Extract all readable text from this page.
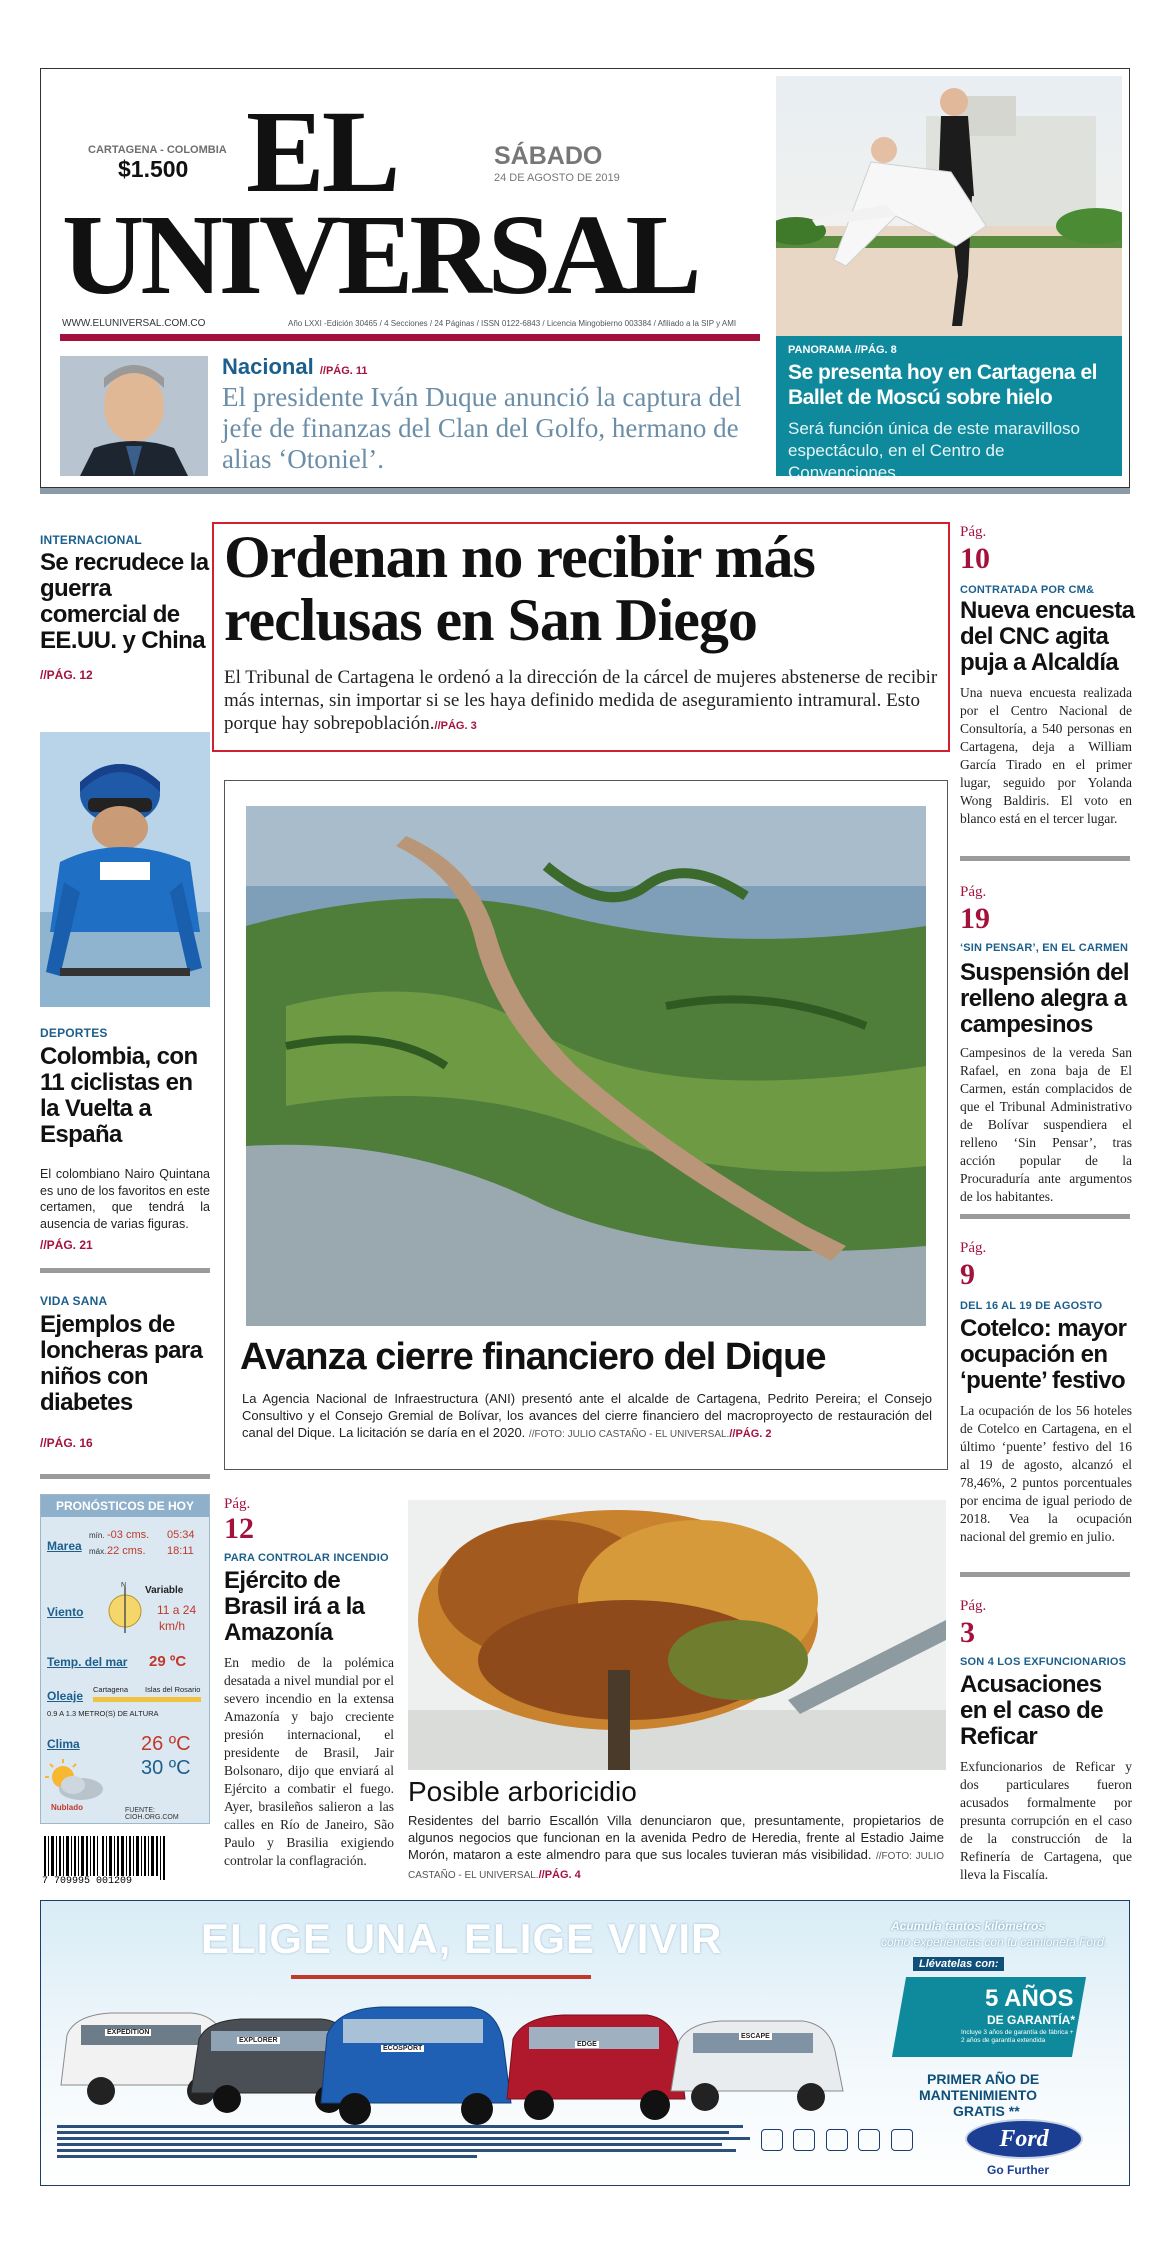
CARTAGENA - COLOMBIA
$1.500 EL
UNIVERSAL
SÁBADO
24 DE AGOSTO DE 2019
WWW.ELUNIVERSAL.COM.CO	Año LXXI -Edición 30465 / 4 Secciones / 24 Páginas / ISSN 0122-6843 / Licencia Mingobierno 003384 / Afiliado a la SIP y AMI
PANORAMA //PÁG. 8
Se presenta hoy en Cartagena el Ballet de Moscú sobre hielo
Será función única de este maravilloso espectáculo, en el Centro de Convenciones.
Nacional //PÁG. 11
El presidente Iván Duque anunció la captura del jefe de finanzas del Clan del Golfo, hermano de alias ‘Otoniel’.
INTERNACIONAL
Se recrudece la guerra comercial de EE.UU. y China
//PÁG. 12
DEPORTES
Colombia, con 11 ciclistas en la Vuelta a España
El colombiano Nairo Quintana es uno de los favoritos en este certamen, que tendrá la ausencia de varias figuras.
//PÁG. 21
VIDA SANA
Ejemplos de loncheras para niños con diabetes
//PÁG. 16
PRONÓSTICOS DE HOY
Marea
mín. -03 cms. 05:34
máx. 22 cms. 18:11
Viento
N Variable
11 a 24
km/h
Temp. del mar 29 ºC
Oleaje Cartagena Islas del Rosario
0.9 A 1.3 METRO(S) DE ALTURA
Clima	26 ºC
30 ºC
Nublado	FUENTE: CIOH.ORG.COM
7 709995 001209
Ordenan no recibir más reclusas en San Diego
El Tribunal de Cartagena le ordenó a la dirección de la cárcel de mujeres abstenerse de recibir más internas, sin importar si se les haya definido medida de aseguramiento intramural. Esto porque hay sobrepoblación.//PÁG. 3
Avanza cierre financiero del Dique
La Agencia Nacional de Infraestructura (ANI) presentó ante el alcalde de Cartagena, Pedrito Pereira; el Consejo Consultivo y el Consejo Gremial de Bolívar, los avances del cierre financiero del macroproyecto de restauración del canal del Dique. La licitación se daría en el 2020. //FOTO: JULIO CASTAÑO - EL UNIVERSAL.//PÁG. 2
Pág.
12
PARA CONTROLAR INCENDIO
Ejército de Brasil irá a la Amazonía
En medio de la polémica desatada a nivel mundial por el severo incendio en la extensa Amazonía y bajo creciente presión internacional, el presidente de Brasil, Jair Bolsonaro, dijo que enviará al Ejército a combatir el fuego. Ayer, brasileños salieron a las calles en Río de Janeiro, São Paulo y Brasilia exigiendo controlar la conflagración.
Posible arboricidio
Residentes del barrio Escallón Villa denunciaron que, presuntamente, propietarios de algunos negocios que funcionan en la avenida Pedro de Heredia, frente al Estadio Jaime Morón, mataron a este almendro para que sus locales tuvieran más visibilidad. //FOTO: JULIO CASTAÑO - EL UNIVERSAL.//PÁG. 4
Pág.
10
CONTRATADA POR CM&
Nueva encuesta del CNC agita puja a Alcaldía
Una nueva encuesta realizada por el Centro Nacional de Consultoría, a 540 personas en Cartagena, deja a William García Tirado en el primer lugar, seguido por Yolanda Wong Baldiris. El voto en blanco está en el tercer lugar.
Pág.
19
‘SIN PENSAR’, EN EL CARMEN
Suspensión del relleno alegra a campesinos
Campesinos de la vereda San Rafael, en zona baja de El Carmen, están complacidos de que el Tribunal Administrativo de Bolívar suspendiera el relleno ‘Sin Pensar’, tras acción popular de la Procuraduría ante argumentos de los habitantes.
Pág.
9
DEL 16 AL 19 DE AGOSTO
Cotelco: mayor ocupación en ‘puente’ festivo
La ocupación de los 56 hoteles de Cotelco en Cartagena, en el último ‘puente’ festivo del 16 al 19 de agosto, alcanzó el 78,46%, 2 puntos porcentuales por encima de igual periodo de 2018. Vea la ocupación nacional del gremio en julio.
Pág.
3
SON 4 LOS EXFUNCIONARIOS
Acusaciones en el caso de Reficar
Exfuncionarios de Reficar y dos particulares fueron acusados formalmente por presunta corrupción en el caso de la construcción de la Refinería de Cartagena, que lleva la Fiscalía.
ELIGE UNA, ELIGE VIVIR	Acumula tantos kilómetros
como experiencias con tu camioneta Ford.
Llévatelas con:
5 AÑOS
DE GARANTÍA*
Incluye 3 años de garantía de fábrica + 2 años de garantía extendida
PRIMER AÑO DE
MANTENIMIENTO
GRATIS **
EXPEDITION
EXPLORER
ECOSPORT
EDGE
ESCAPE

Ford
Go Further
